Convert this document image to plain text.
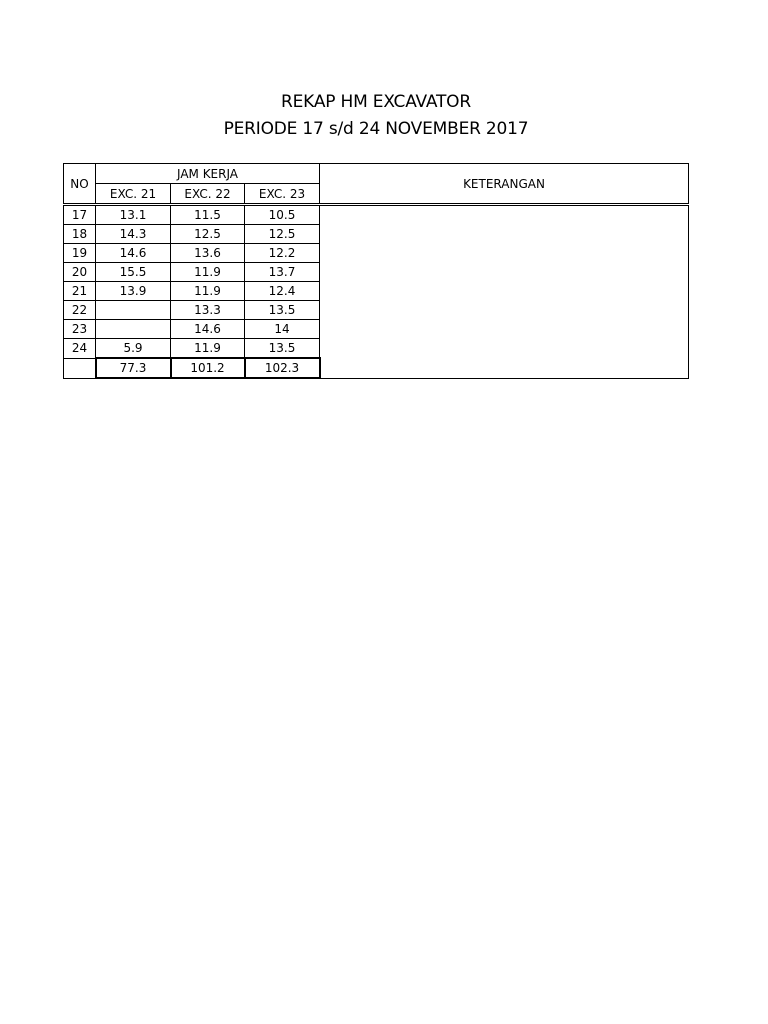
REKAP HM EXCAVATOR
PERIODE 17 s/d 24 NOVEMBER 2017
NO	JAM KERJA			KETERANGAN
	EXC. 21	EXC. 22	EXC. 23	
17	13.1	11.5	10.5	
18	14.3	12.5	12.5	
19	14.6	13.6	12.2	
20	15.5	11.9	13.7	
21	13.9	11.9	12.4	
22		13.3	13.5	
23		14.6	14	
24	5.9	11.9	13.5	
	77.3	101.2	102.3	
